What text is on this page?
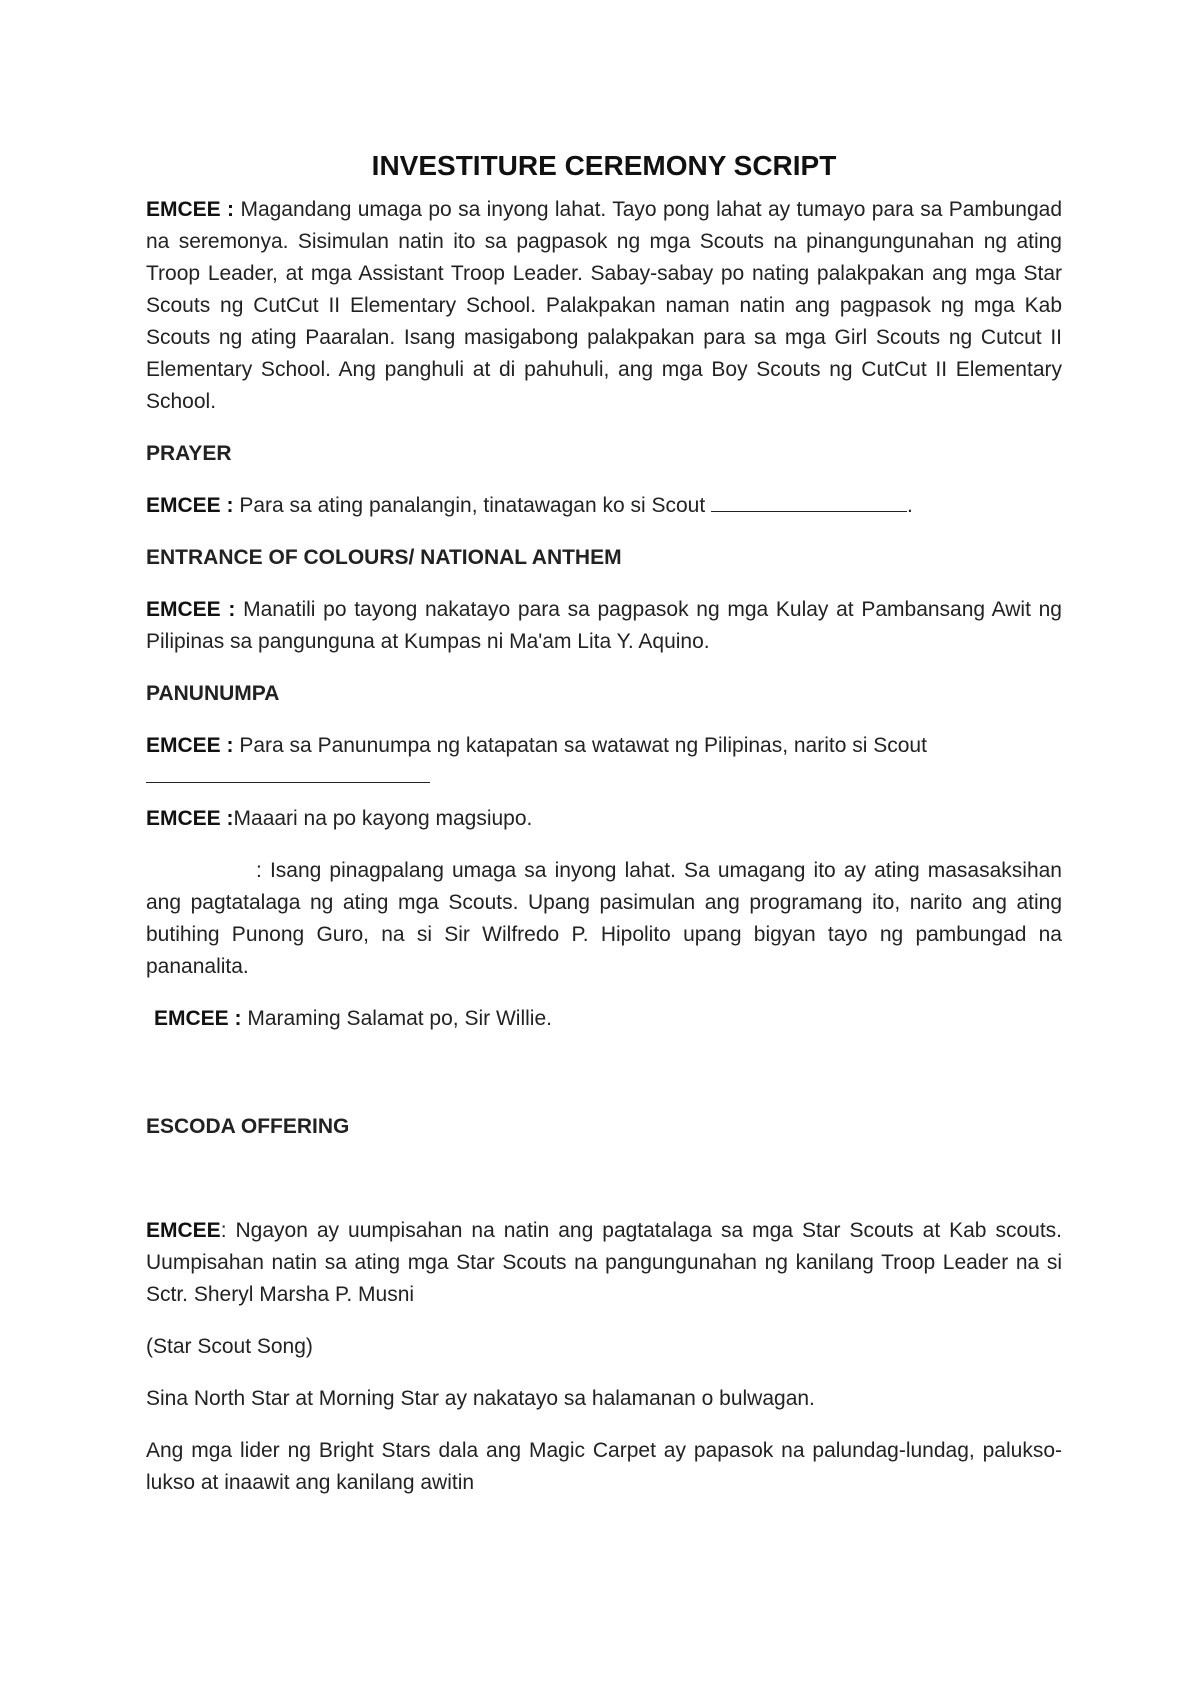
INVESTITURE CEREMONY SCRIPT

EMCEE : Magandang umaga po sa inyong lahat. Tayo pong lahat ay tumayo para sa Pambungad na seremonya. Sisimulan natin ito sa pagpasok ng mga Scouts na pinangungunahan ng ating Troop Leader, at mga Assistant Troop Leader. Sabay-sabay po nating palakpakan ang mga Star Scouts ng CutCut II Elementary School. Palakpakan naman natin ang pagpasok ng mga Kab Scouts ng ating Paaralan. Isang masigabong palakpakan para sa mga Girl Scouts ng Cutcut II Elementary School. Ang panghuli at di pahuhuli, ang mga Boy Scouts ng CutCut II Elementary School.

PRAYER

EMCEE : Para sa ating panalangin, tinatawagan ko si Scout	.

ENTRANCE OF COLOURS/ NATIONAL ANTHEM

EMCEE : Manatili po tayong nakatayo para sa pagpasok ng mga Kulay at Pambansang Awit ng Pilipinas sa pangunguna at Kumpas ni Ma'am Lita Y. Aquino.

PANUNUMPA

EMCEE : Para sa Panunumpa ng katapatan sa watawat ng Pilipinas, narito si Scout

EMCEE :Maaari na po kayong magsiupo.

: Isang pinagpalang umaga sa inyong lahat. Sa umagang ito ay ating masasaksihan ang pagtatalaga ng ating mga Scouts. Upang pasimulan ang programang ito, narito ang ating butihing Punong Guro, na si Sir Wilfredo P. Hipolito upang bigyan tayo ng pambungad na pananalita.

EMCEE : Maraming Salamat po, Sir Willie.

ESCODA OFFERING

EMCEE: Ngayon ay uumpisahan na natin ang pagtatalaga sa mga Star Scouts at Kab scouts. Uumpisahan natin sa ating mga Star Scouts na pangungunahan ng kanilang Troop Leader na si Sctr. Sheryl Marsha P. Musni

(Star Scout Song)

Sina North Star at Morning Star ay nakatayo sa halamanan o bulwagan.

Ang mga lider ng Bright Stars dala ang Magic Carpet ay papasok na palundag-lundag, palukso-lukso at inaawit ang kanilang awitin
